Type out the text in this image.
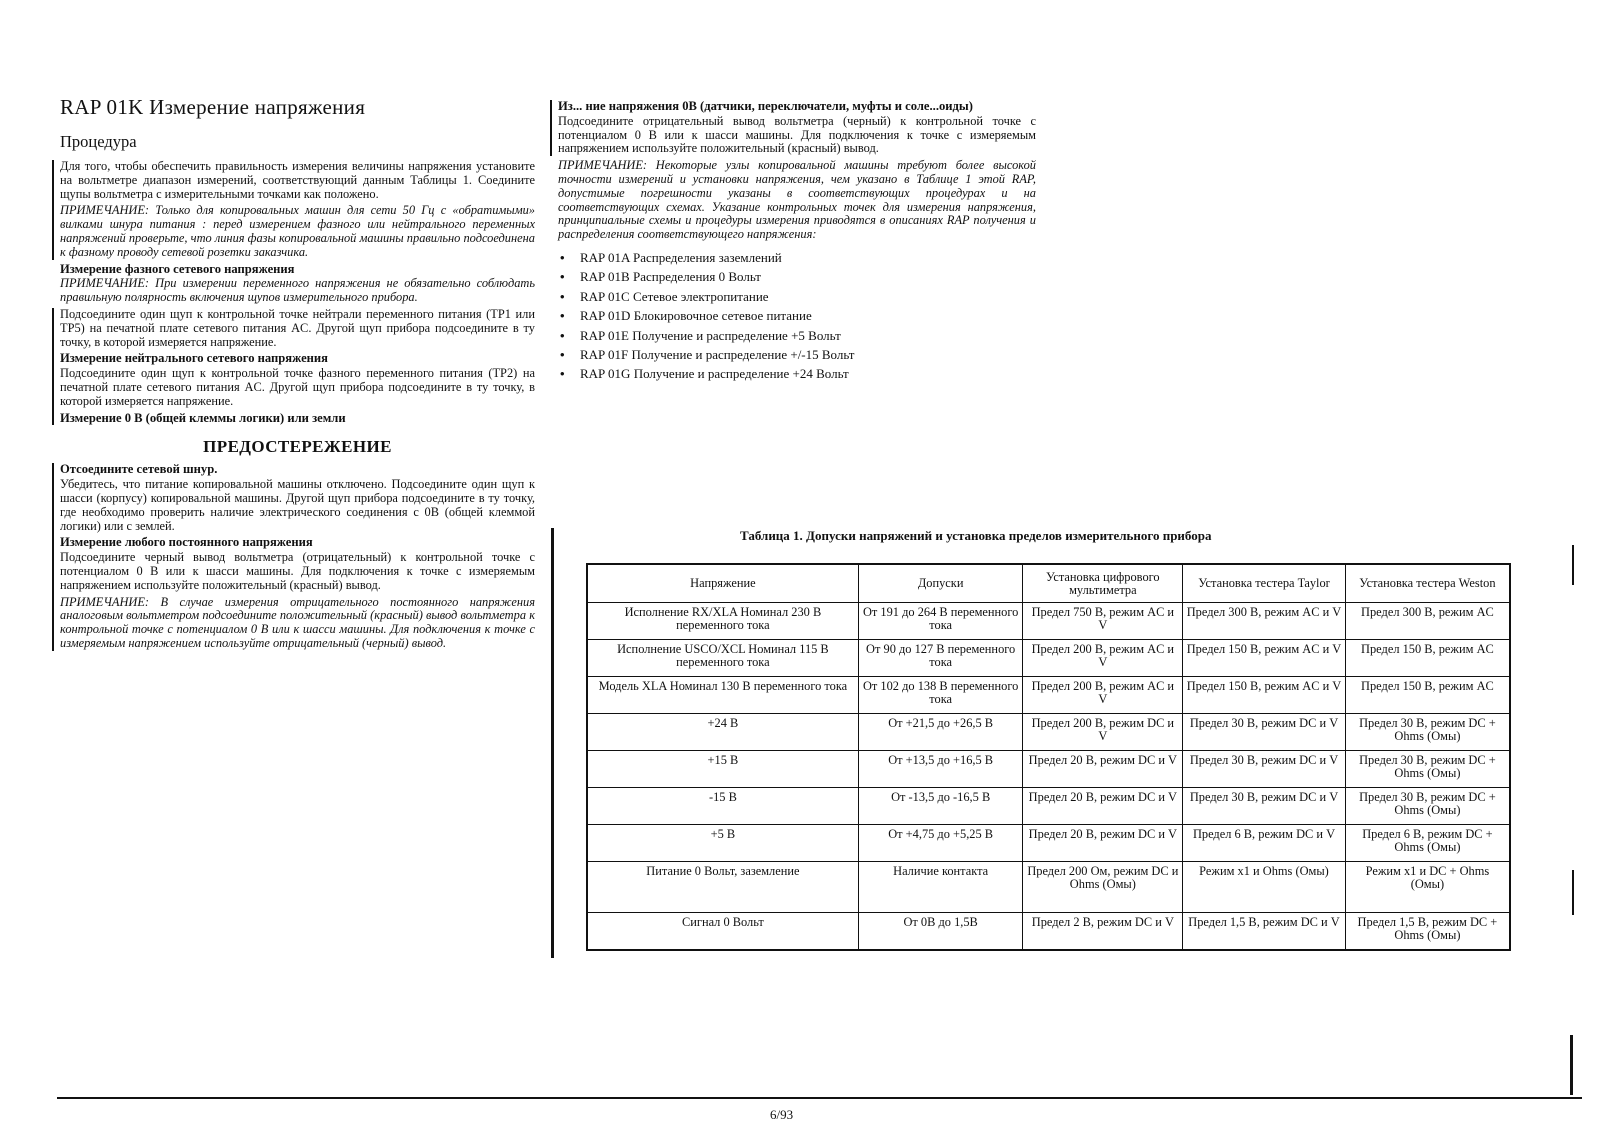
RAP 01K Измерение напряжения
Процедура

Для того, чтобы обеспечить правильность измерения величины напряжения установите на вольтметре диапазон измерений, соответствующий данным Таблицы 1. Соедините щупы вольтметра с измерительными точками как положено.

ПРИМЕЧАНИЕ: Только для копировальных машин для сети 50 Гц с «обратимыми» вилками шнура питания : перед измерением фазного или нейтрального переменных напряжений проверьте, что линия фазы копировальной машины правильно подсоединена к фазному проводу сетевой розетки заказчика.

Измерение фазного сетевого напряжения

ПРИМЕЧАНИЕ: При измерении переменного напряжения не обязательно соблюдать правильную полярность включения щупов измерительного прибора.

Подсоедините один щуп к контрольной точке нейтрали переменного питания (TP1 или TP5) на печатной плате сетевого питания AC. Другой щуп прибора подсоедините в ту точку, в которой измеряется напряжение.

Измерение нейтрального сетевого напряжения

Подсоедините один щуп к контрольной точке фазного переменного питания (TP2) на печатной плате сетевого питания AC. Другой щуп прибора подсоедините в ту точку, в которой измеряется напряжение.

Измерение 0 В (общей клеммы логики) или земли

ПРЕДОСТЕРЕЖЕНИЕ

Отсоедините сетевой шнур.

Убедитесь, что питание копировальной машины отключено. Подсоедините один щуп к шасси (корпусу) копировальной машины. Другой щуп прибора подсоедините в ту точку, где необходимо проверить наличие электрического соединения с 0В (общей клеммой логики) или с землей.

Измерение любого постоянного напряжения

Подсоедините черный вывод вольтметра (отрицательный) к контрольной точке с потенциалом 0 В или к шасси машины. Для подключения к точке с измеряемым напряжением используйте положительный (красный) вывод.

ПРИМЕЧАНИЕ: В случае измерения отрицательного постоянного напряжения аналоговым вольтметром подсоедините положительный (красный) вывод вольтметра к контрольной точке с потенциалом 0 В или к шасси машины. Для подключения к точке с измеряемым напряжением используйте отрицательный (черный) вывод.

Из... ние напряжения 0В (датчики, переключатели, муфты и соле...оиды)

Подсоедините отрицательный вывод вольтметра (черный) к контрольной точке с потенциалом 0 В или к шасси машины. Для подключения к точке с измеряемым напряжением используйте положительный (красный) вывод.

ПРИМЕЧАНИЕ: Некоторые узлы копировальной машины требуют более высокой точности измерений и установки напряжения, чем указано в Таблице 1 этой RAP, допустимые погрешности указаны в соответствующих процедурах и на соответствующих схемах. Указание контрольных точек для измерения напряжения, принципиальные схемы и процедуры измерения приводятся в описаниях RAP получения и распределения соответствующего напряжения:

• RAP 01A Распределения заземлений
• RAP 01B Распределения 0 Вольт
• RAP 01C Сетевое электропитание
• RAP 01D Блокировочное сетевое питание
• RAP 01E Получение и распределение +5 Вольт
• RAP 01F Получение и распределение +/-15 Вольт
• RAP 01G Получение и распределение +24 Вольт
Таблица 1. Допуски напряжений и установка пределов измерительного прибора
Напряжение	Допуски	Установка цифрового мультиметра	Установка тестера Taylor	Установка тестера Weston
Исполнение RX/XLA Номинал 230 В переменного тока	От 191 до 264 В переменного тока	Предел 750 В, режим AC и V	Предел 300 В, режим AC и V	Предел 300 В, режим AC
Исполнение USCO/XCL Номинал 115 В переменного тока	От 90 до 127 В переменного тока	Предел 200 В, режим AC и V	Предел 150 В, режим AC и V	Предел 150 В, режим AC
Модель XLA Номинал 130 В переменного тока	От 102 до 138 В переменного тока	Предел 200 В, режим AC и V	Предел 150 В, режим AC и V	Предел 150 В, режим AC
+24 В	От +21,5 до +26,5 В	Предел 200 В, режим DC и V	Предел 30 В, режим DC и V	Предел 30 В, режим DC + Ohms (Омы)
+15 В	От +13,5 до +16,5 В	Предел 20 В, режим DC и V	Предел 30 В, режим DC и V	Предел 30 В, режим DC + Ohms (Омы)
-15 В	От -13,5 до -16,5 В	Предел 20 В, режим DC и V	Предел 30 В, режим DC и V	Предел 30 В, режим DC + Ohms (Омы)
+5 В	От +4,75 до +5,25 В	Предел 20 В, режим DC и V	Предел 6 В, режим DC и V	Предел 6 В, режим DC + Ohms (Омы)
Питание 0 Вольт, заземление	Наличие контакта	Предел 200 Ом, режим DC и Ohms (Омы)	Режим x1 и Ohms (Омы)	Режим x1 и DC + Ohms (Омы)
Сигнал 0 Вольт	От 0В до 1,5В	Предел 2 В, режим DC и V	Предел 1,5 В, режим DC и V	Предел 1,5 В, режим DC + Ohms (Омы)
6/93
